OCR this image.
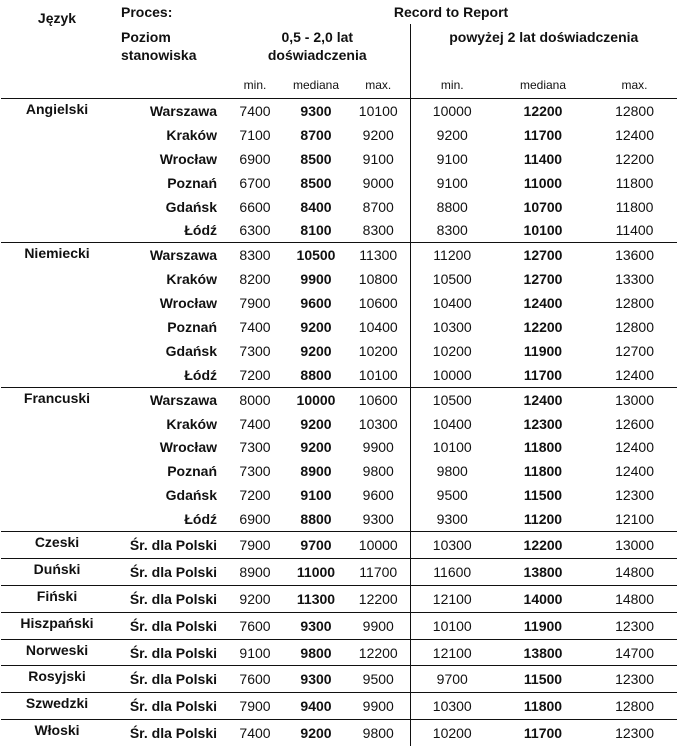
Język	Proces:	Record to Report					
	Poziom
stanowiska	0,5 - 2,0 lat
doświadczenia			powyżej 2 lat doświadczenia		
		min.	mediana	max.	min.	mediana	max.
Angielski	Warszawa	7400	9300	10100	10000	12200	12800
	Kraków	7100	8700	9200	9200	11700	12400
	Wrocław	6900	8500	9100	9100	11400	12200
	Poznań	6700	8500	9000	9100	11000	11800
	Gdańsk	6600	8400	8700	8800	10700	11800
	Łódź	6300	8100	8300	8300	10100	11400
Niemiecki	Warszawa	8300	10500	11300	11200	12700	13600
	Kraków	8200	9900	10800	10500	12700	13300
	Wrocław	7900	9600	10600	10400	12400	12800
	Poznań	7400	9200	10400	10300	12200	12800
	Gdańsk	7300	9200	10200	10200	11900	12700
	Łódź	7200	8800	10100	10000	11700	12400
Francuski	Warszawa	8000	10000	10600	10500	12400	13000
	Kraków	7400	9200	10300	10400	12300	12600
	Wrocław	7300	9200	9900	10100	11800	12400
	Poznań	7300	8900	9800	9800	11800	12400
	Gdańsk	7200	9100	9600	9500	11500	12300
	Łódź	6900	8800	9300	9300	11200	12100
Czeski	Śr. dla Polski	7900	9700	10000	10300	12200	13000
Duński	Śr. dla Polski	8900	11000	11700	11600	13800	14800
Fiński	Śr. dla Polski	9200	11300	12200	12100	14000	14800
Hiszpański	Śr. dla Polski	7600	9300	9900	10100	11900	12300
Norweski	Śr. dla Polski	9100	9800	12200	12100	13800	14700
Rosyjski	Śr. dla Polski	7600	9300	9500	9700	11500	12300
Szwedzki	Śr. dla Polski	7900	9400	9900	10300	11800	12800
Włoski	Śr. dla Polski	7400	9200	9800	10200	11700	12300
